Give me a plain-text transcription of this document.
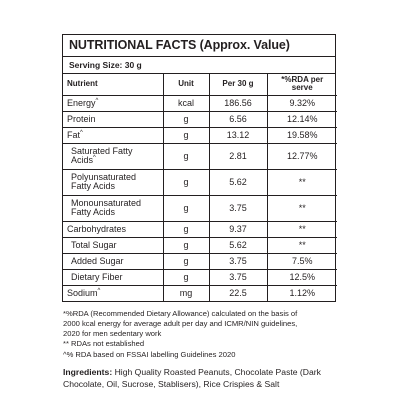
NUTRITIONAL FACTS (Approx. Value)
Serving Size: 30 g
Nutrient	Unit	Per 30 g	*%RDA per serve
Energy^	kcal	186.56	9.32%
Protein	g	6.56	12.14%
Fat^	g	13.12	19.58%
Saturated Fatty Acids^	g	2.81	12.77%
Polyunsaturated Fatty Acids	g	5.62	**
Monounsaturated Fatty Acids	g	3.75	**
Carbohydrates	g	9.37	**
Total Sugar	g	5.62	**
Added Sugar	g	3.75	7.5%
Dietary Fiber	g	3.75	12.5%
Sodium^	mg	22.5	1.12%
*%RDA (Recommended Dietary Allowance) calculated on the basis of
2000 kcal energy for average adult per day and ICMR/NIN guidelines,
2020 for men sedentary work
** RDAs not established
^% RDA based on FSSAI labelling Guidelines 2020
Ingredients: High Quality Roasted Peanuts, Chocolate Paste (Dark Chocolate, Oil, Sucrose, Stablisers), Rice Crispies & Salt
